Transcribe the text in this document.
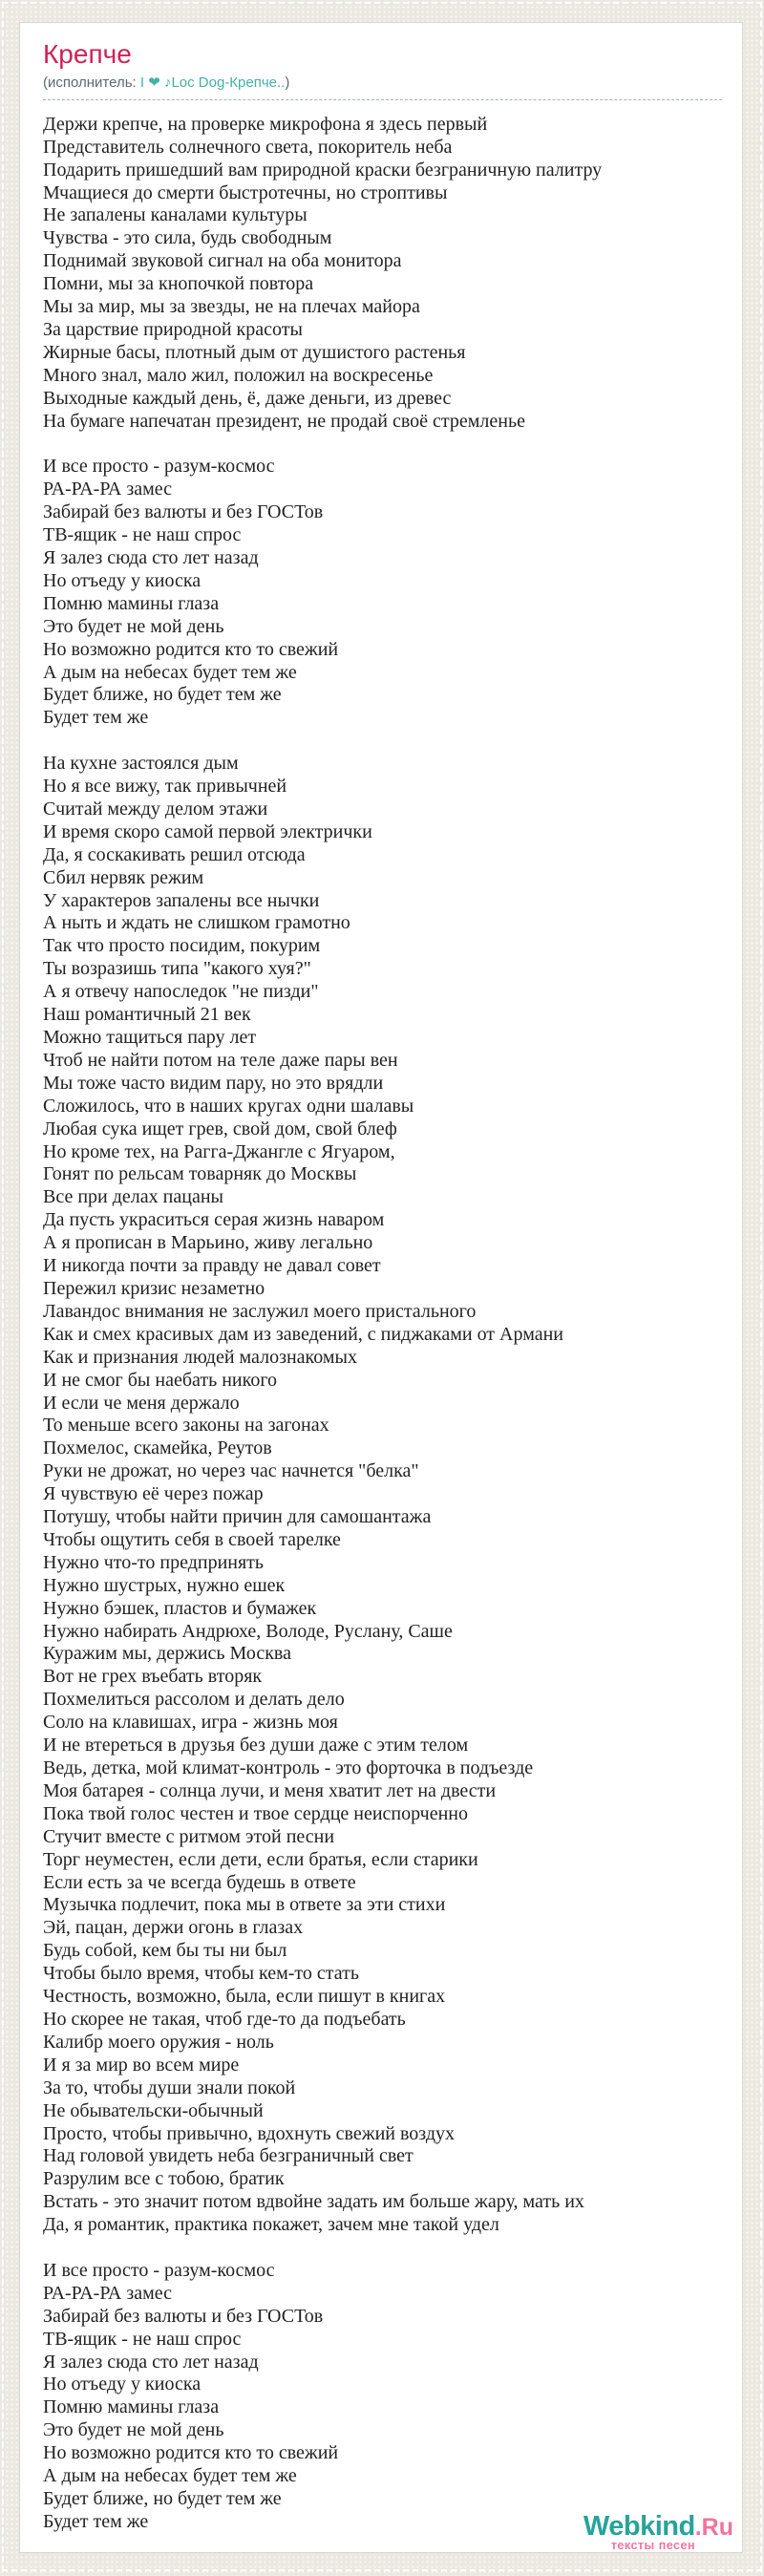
Крепче
(исполнитель: I ❤ ♪Loc Dog-Крепче..)
Держи крепче, на проверке микрофона я здесь первый
Представитель солнечного света, покоритель неба
Подарить пришедший вам природной краски безграничную палитру
Мчащиеся до смерти быстротечны, но строптивы
Не запалены каналами культуры
Чувства - это сила, будь свободным
Поднимай звуковой сигнал на оба монитора
Помни, мы за кнопочкой повтора
Мы за мир, мы за звезды, не на плечах майора
За царствие природной красоты
Жирные басы, плотный дым от душистого растенья
Много знал, мало жил, положил на воскресенье
Выходные каждый день, ё, даже деньги, из древес
На бумаге напечатан президент, не продай своё стремленье
И все просто - разум-космос
РА-РА-РА замес
Забирай без валюты и без ГОСТов
ТВ-ящик - не наш спрос
Я залез сюда сто лет назад
Но отъеду у киоска
Помню мамины глаза
Это будет не мой день
Но возможно родится кто то свежий
А дым на небесах будет тем же
Будет ближе, но будет тем же
Будет тем же
На кухне застоялся дым
Но я все вижу, так привычней
Считай между делом этажи
И время скоро самой первой электрички
Да, я соскакивать решил отсюда
Сбил нервяк режим
У характеров запалены все нычки
А ныть и ждать не слишком грамотно
Так что просто посидим, покурим
Ты возразишь типа "какого хуя?"
А я отвечу напоследок "не пизди"
Наш романтичный 21 век
Можно тащиться пару лет
Чтоб не найти потом на теле даже пары вен
Мы тоже часто видим пару, но это врядли
Сложилось, что в наших кругах одни шалавы
Любая сука ищет грев, свой дом, свой блеф
Но кроме тех, на Рагга-Джангле с Ягуаром,
Гонят по рельсам товарняк до Москвы
Все при делах пацаны
Да пусть украситься серая жизнь наваром
А я прописан в Марьино, живу легально
И никогда почти за правду не давал совет
Пережил кризис незаметно
Лавандос внимания не заслужил моего пристального
Как и смех красивых дам из заведений, с пиджаками от Армани
Как и признания людей малознакомых
И не смог бы наебать никого
И если че меня держало
То меньше всего законы на загонах
Похмелос, скамейка, Реутов
Руки не дрожат, но через час начнется "белка"
Я чувствую её через пожар
Потушу, чтобы найти причин для самошантажа
Чтобы ощутить себя в своей тарелке
Нужно что-то предпринять
Нужно шустрых, нужно ешек
Нужно бэшек, пластов и бумажек
Нужно набирать Андрюхе, Володе, Руслану, Саше
Куражим мы, держись Москва
Вот не грех въебать вторяк
Похмелиться рассолом и делать дело
Соло на клавишах, игра - жизнь моя
И не втереться в друзья без души даже с этим телом
Ведь, детка, мой климат-контроль - это форточка в подъезде
Моя батарея - солнца лучи, и меня хватит лет на двести
Пока твой голос честен и твое сердце неиспорченно
Стучит вместе с ритмом этой песни
Торг неуместен, если дети, если братья, если старики
Если есть за че всегда будешь в ответе
Музычка подлечит, пока мы в ответе за эти стихи
Эй, пацан, держи огонь в глазах
Будь собой, кем бы ты ни был
Чтобы было время, чтобы кем-то стать
Честность, возможно, была, если пишут в книгах
Но скорее не такая, чтоб где-то да подъебать
Калибр моего оружия - ноль
И я за мир во всем мире
За то, чтобы души знали покой
Не обывательски-обычный
Просто, чтобы привычно, вдохнуть свежий воздух
Над головой увидеть неба безграничный свет
Разрулим все с тобою, братик
Встать - это значит потом вдвойне задать им больше жару, мать их
Да, я романтик, практика покажет, зачем мне такой удел
И все просто - разум-космос
РА-РА-РА замес
Забирай без валюты и без ГОСТов
ТВ-ящик - не наш спрос
Я залез сюда сто лет назад
Но отъеду у киоска
Помню мамины глаза
Это будет не мой день
Но возможно родится кто то свежий
А дым на небесах будет тем же
Будет ближе, но будет тем же
Будет тем же	Webkind.Ru
тексты песен
